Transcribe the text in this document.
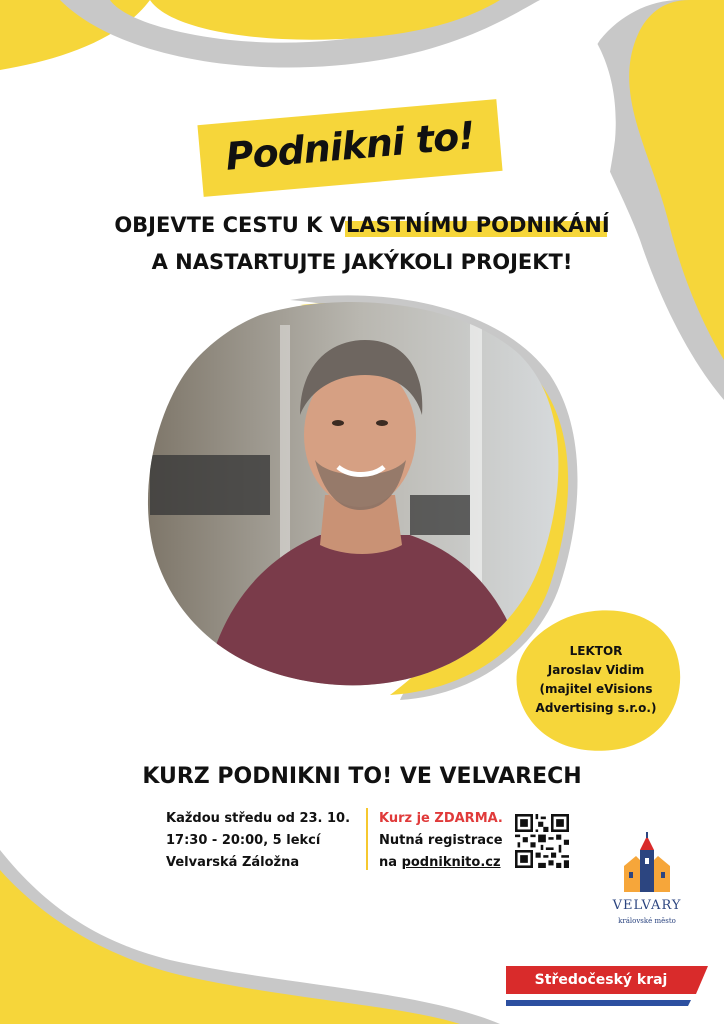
Podnikni to!
OBJEVTE CESTU K VLASTNÍMU PODNIKÁNÍ
A NASTARTUJTE JAKÝKOLI PROJEKT!
LEKTOR
Jaroslav Vidim
(majitel eVisions
Advertising s.r.o.)
KURZ PODNIKNI TO! VE VELVARECH
Každou středu od 23. 10.
17:30 - 20:00, 5 lekcí
Velvarská Záložna
Kurz je ZDARMA.
Nutná registrace
na podniknito.cz
VELVARY
královské město
Středočeský kraj
